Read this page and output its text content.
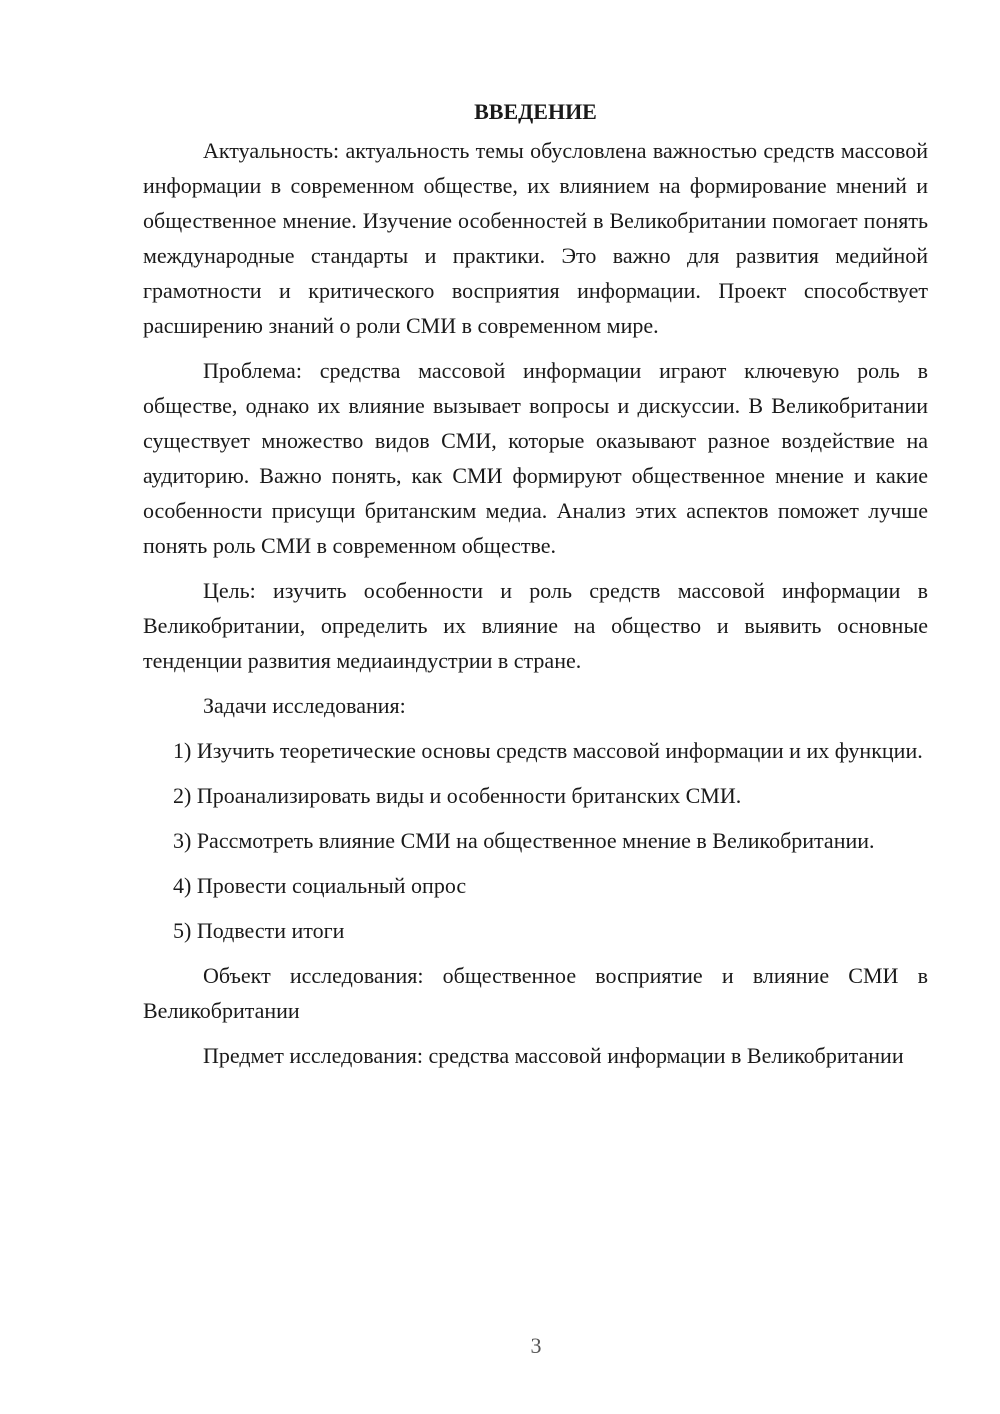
ВВЕДЕНИЕ

Актуальность: актуальность темы обусловлена важностью средств массовой информации в современном обществе, их влиянием на формирование мнений и общественное мнение. Изучение особенностей в Великобритании помогает понять международные стандарты и практики. Это важно для развития медийной грамотности и критического восприятия информации. Проект способствует расширению знаний о роли СМИ в современном мире.

Проблема: средства массовой информации играют ключевую роль в обществе, однако их влияние вызывает вопросы и дискуссии. В Великобритании существует множество видов СМИ, которые оказывают разное воздействие на аудиторию. Важно понять, как СМИ формируют общественное мнение и какие особенности присущи британским медиа. Анализ этих аспектов поможет лучше понять роль СМИ в современном обществе.

Цель: изучить особенности и роль средств массовой информации в Великобритании, определить их влияние на общество и выявить основные тенденции развития медиаиндустрии в стране.

Задачи исследования:

1) Изучить теоретические основы средств массовой информации и их функции.

2) Проанализировать виды и особенности британских СМИ.

3) Рассмотреть влияние СМИ на общественное мнение в Великобритании.

4) Провести социальный опрос

5) Подвести итоги

Объект исследования: общественное восприятие и влияние СМИ в Великобритании

Предмет исследования: средства массовой информации в Великобритании

3
